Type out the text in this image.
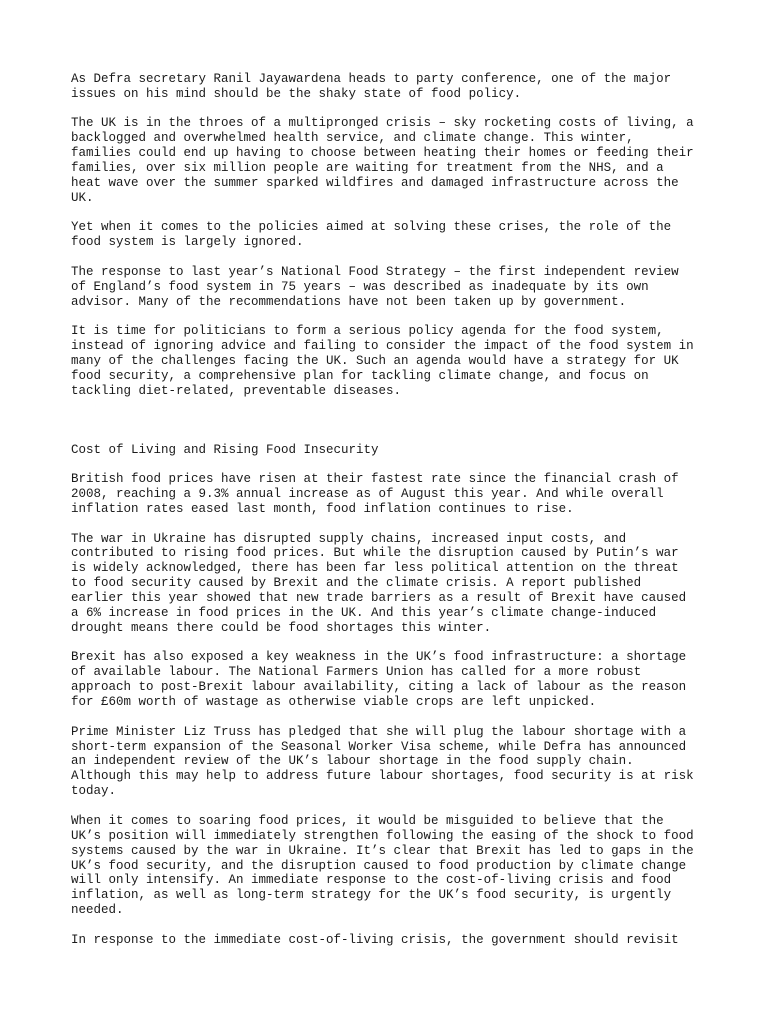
As Defra secretary Ranil Jayawardena heads to party conference, one of the major
issues on his mind should be the shaky state of food policy.
The UK is in the throes of a multipronged crisis – sky rocketing costs of living, a
backlogged and overwhelmed health service, and climate change. This winter,
families could end up having to choose between heating their homes or feeding their
families, over six million people are waiting for treatment from the NHS, and a
heat wave over the summer sparked wildfires and damaged infrastructure across the
UK.
Yet when it comes to the policies aimed at solving these crises, the role of the
food system is largely ignored.
The response to last year’s National Food Strategy – the first independent review
of England’s food system in 75 years – was described as inadequate by its own
advisor. Many of the recommendations have not been taken up by government.
It is time for politicians to form a serious policy agenda for the food system,
instead of ignoring advice and failing to consider the impact of the food system in
many of the challenges facing the UK. Such an agenda would have a strategy for UK
food security, a comprehensive plan for tackling climate change, and focus on
tackling diet-related, preventable diseases.
Cost of Living and Rising Food Insecurity
British food prices have risen at their fastest rate since the financial crash of
2008, reaching a 9.3% annual increase as of August this year. And while overall
inflation rates eased last month, food inflation continues to rise.
The war in Ukraine has disrupted supply chains, increased input costs, and
contributed to rising food prices. But while the disruption caused by Putin’s war
is widely acknowledged, there has been far less political attention on the threat
to food security caused by Brexit and the climate crisis. A report published
earlier this year showed that new trade barriers as a result of Brexit have caused
a 6% increase in food prices in the UK. And this year’s climate change-induced
drought means there could be food shortages this winter.
Brexit has also exposed a key weakness in the UK’s food infrastructure: a shortage
of available labour. The National Farmers Union has called for a more robust
approach to post-Brexit labour availability, citing a lack of labour as the reason
for £60m worth of wastage as otherwise viable crops are left unpicked.
Prime Minister Liz Truss has pledged that she will plug the labour shortage with a
short-term expansion of the Seasonal Worker Visa scheme, while Defra has announced
an independent review of the UK’s labour shortage in the food supply chain.
Although this may help to address future labour shortages, food security is at risk
today.
When it comes to soaring food prices, it would be misguided to believe that the
UK’s position will immediately strengthen following the easing of the shock to food
systems caused by the war in Ukraine. It’s clear that Brexit has led to gaps in the
UK’s food security, and the disruption caused to food production by climate change
will only intensify. An immediate response to the cost-of-living crisis and food
inflation, as well as long-term strategy for the UK’s food security, is urgently
needed.
In response to the immediate cost-of-living crisis, the government should revisit
